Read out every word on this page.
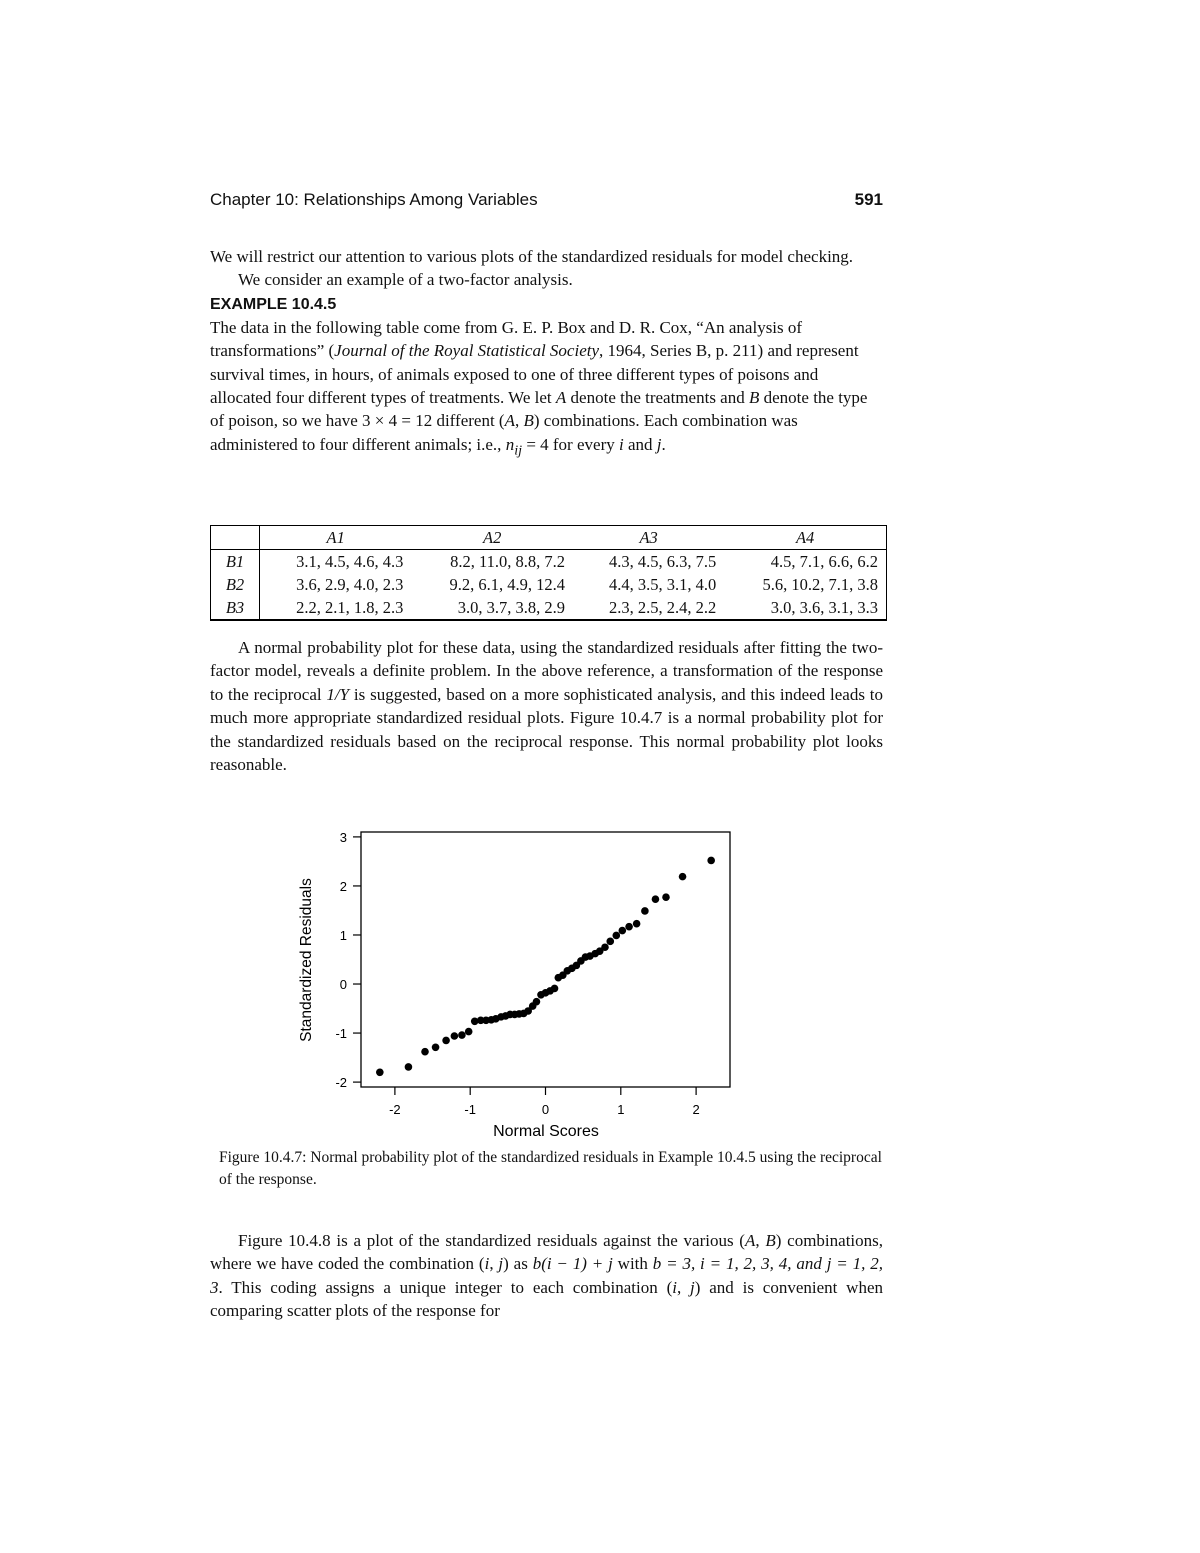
Chapter 10: Relationships Among Variables	591

We will restrict our attention to various plots of the standardized residuals for model checking.

We consider an example of a two-factor analysis.

EXAMPLE 10.4.5

The data in the following table come from G. E. P. Box and D. R. Cox, “An analysis of transformations” (Journal of the Royal Statistical Society, 1964, Series B, p. 211) and represent survival times, in hours, of animals exposed to one of three different types of poisons and allocated four different types of treatments. We let A denote the treatments and B denote the type of poison, so we have 3 × 4 = 12 different (A, B) combinations. Each combination was administered to four different animals; i.e., $n_{ij} = 4$ for every i and j.

	A1	A2	A3	A4
B1	3.1, 4.5, 4.6, 4.3	8.2, 11.0, 8.8, 7.2	4.3, 4.5, 6.3, 7.5	4.5, 7.1, 6.6, 6.2
B2	3.6, 2.9, 4.0, 2.3	9.2, 6.1, 4.9, 12.4	4.4, 3.5, 3.1, 4.0	5.6, 10.2, 7.1, 3.8
B3	2.2, 2.1, 1.8, 2.3	3.0, 3.7, 3.8, 2.9	2.3, 2.5, 2.4, 2.2	3.0, 3.6, 3.1, 3.3

A normal probability plot for these data, using the standardized residuals after fitting the two-factor model, reveals a definite problem. In the above reference, a transformation of the response to the reciprocal 1/Y is suggested, based on a more sophisticated analysis, and this indeed leads to much more appropriate standardized residual plots. Figure 10.4.7 is a normal probability plot for the standardized residuals based on the reciprocal response. This normal probability plot looks reasonable.

-2
-1
0
1
2
3
-2	-1	0	1	2
Normal Scores
Standardized Residuals
Figure 10.4.7: Normal probability plot of the standardized residuals in Example 10.4.5 using the reciprocal of the response.

Figure 10.4.8 is a plot of the standardized residuals against the various (A, B) combinations, where we have coded the combination (i, j) as b(i − 1) + j with b = 3, i = 1, 2, 3, 4, and j = 1, 2, 3. This coding assigns a unique integer to each combination (i, j) and is convenient when comparing scatter plots of the response for
